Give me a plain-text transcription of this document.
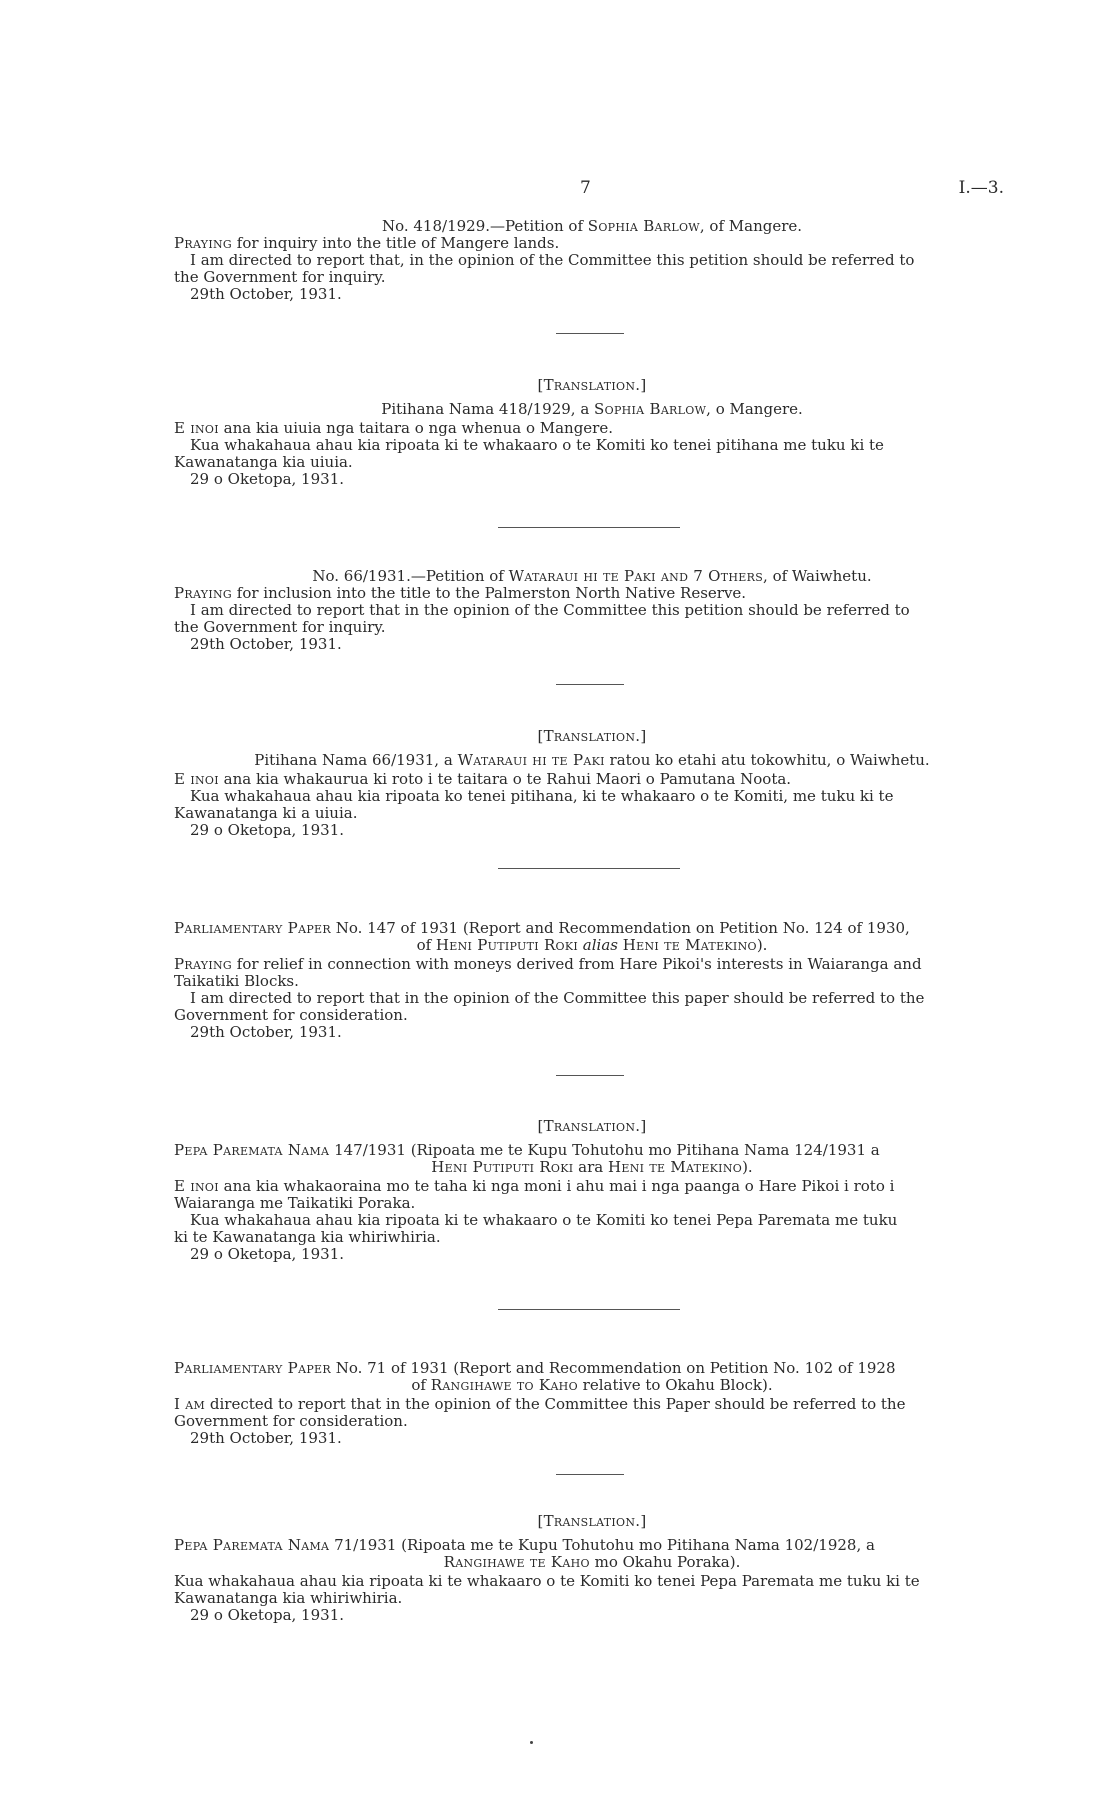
7	I.—3.
No. 418/1929.—Petition of Sophia Barlow, of Mangere.
Praying for inquiry into the title of Mangere lands.
I am directed to report that, in the opinion of the Committee this petition should be referred to
the Government for inquiry.
29th October, 1931.
[Translation.]
Pitihana Nama 418/1929, a Sophia Barlow, o Mangere.
E inoi ana kia uiuia nga taitara o nga whenua o Mangere.
Kua whakahaua ahau kia ripoata ki te whakaaro o te Komiti ko tenei pitihana me tuku ki te
Kawanatanga kia uiuia.
29 o Oketopa, 1931.
No. 66/1931.—Petition of Wataraui hi te Paki and 7 Others, of Waiwhetu.
Praying for inclusion into the title to the Palmerston North Native Reserve.
I am directed to report that in the opinion of the Committee this petition should be referred to
the Government for inquiry.
29th October, 1931.
[Translation.]
Pitihana Nama 66/1931, a Wataraui hi te Paki ratou ko etahi atu tokowhitu, o Waiwhetu.
E inoi ana kia whakaurua ki roto i te taitara o te Rahui Maori o Pamutana Noota.
Kua whakahaua ahau kia ripoata ko tenei pitihana, ki te whakaaro o te Komiti, me tuku ki te
Kawanatanga ki a uiuia.
29 o Oketopa, 1931.
Parliamentary Paper No. 147 of 1931 (Report and Recommendation on Petition No. 124 of 1930,
of Heni Putiputi Roki alias Heni te Matekino).
Praying for relief in connection with moneys derived from Hare Pikoi's interests in Waiaranga and
Taikatiki Blocks.
I am directed to report that in the opinion of the Committee this paper should be referred to the
Government for consideration.
29th October, 1931.
[Translation.]
Pepa Paremata Nama 147/1931 (Ripoata me te Kupu Tohutohu mo Pitihana Nama 124/1931 a
Heni Putiputi Roki ara Heni te Matekino).
E inoi ana kia whakaoraina mo te taha ki nga moni i ahu mai i nga paanga o Hare Pikoi i roto i
Waiaranga me Taikatiki Poraka.
Kua whakahaua ahau kia ripoata ki te whakaaro o te Komiti ko tenei Pepa Paremata me tuku
ki te Kawanatanga kia whiriwhiria.
29 o Oketopa, 1931.
Parliamentary Paper No. 71 of 1931 (Report and Recommendation on Petition No. 102 of 1928
of Rangihawe to Kaho relative to Okahu Block).
I am directed to report that in the opinion of the Committee this Paper should be referred to the
Government for consideration.
29th October, 1931.
[Translation.]
Pepa Paremata Nama 71/1931 (Ripoata me te Kupu Tohutohu mo Pitihana Nama 102/1928, a
Rangihawe te Kaho mo Okahu Poraka).
Kua whakahaua ahau kia ripoata ki te whakaaro o te Komiti ko tenei Pepa Paremata me tuku ki te
Kawanatanga kia whiriwhiria.
29 o Oketopa, 1931.
